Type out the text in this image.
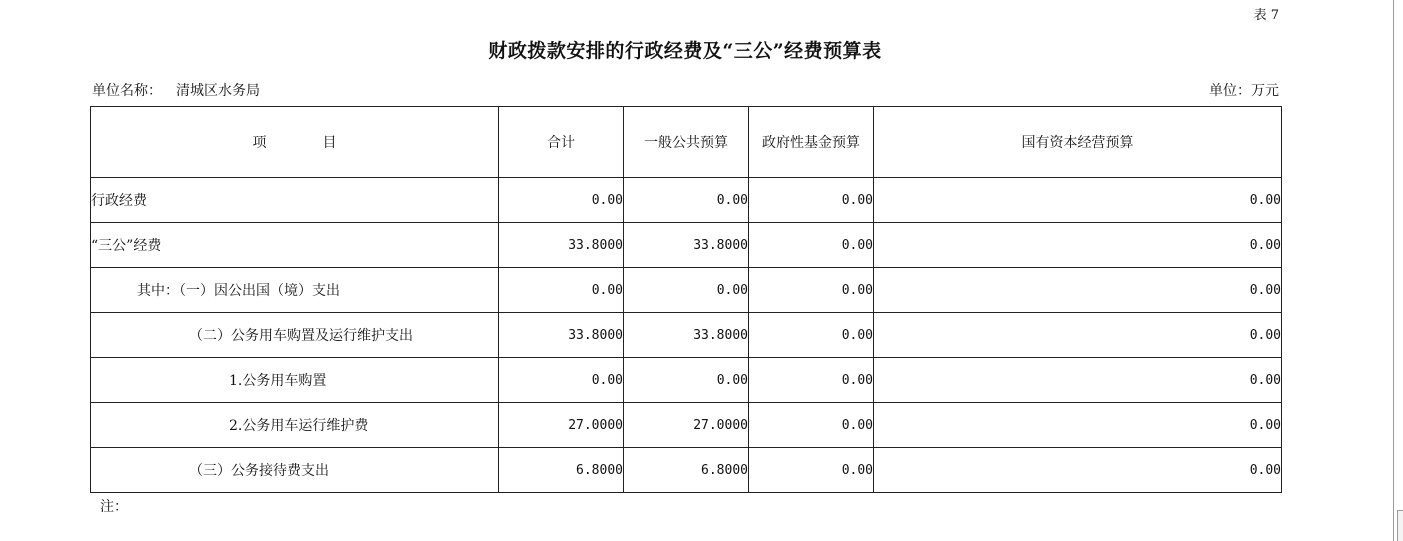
表 7
财政拨款安排的行政经费及“三公”经费预算表
单位名称： 清城区水务局	单位：万元
项　　　　目	合计	一般公共预算	政府性基金预算	国有资本经营预算
行政经费	0.00	0.00	0.00	0.00
“三公”经费	33.8000	33.8000	0.00	0.00
其中：（一）因公出国（境）支出	0.00	0.00	0.00	0.00
（二）公务用车购置及运行维护支出	33.8000	33.8000	0.00	0.00
1.公务用车购置	0.00	0.00	0.00	0.00
2.公务用车运行维护费	27.0000	27.0000	0.00	0.00
（三）公务接待费支出	6.8000	6.8000	0.00	0.00
注：
